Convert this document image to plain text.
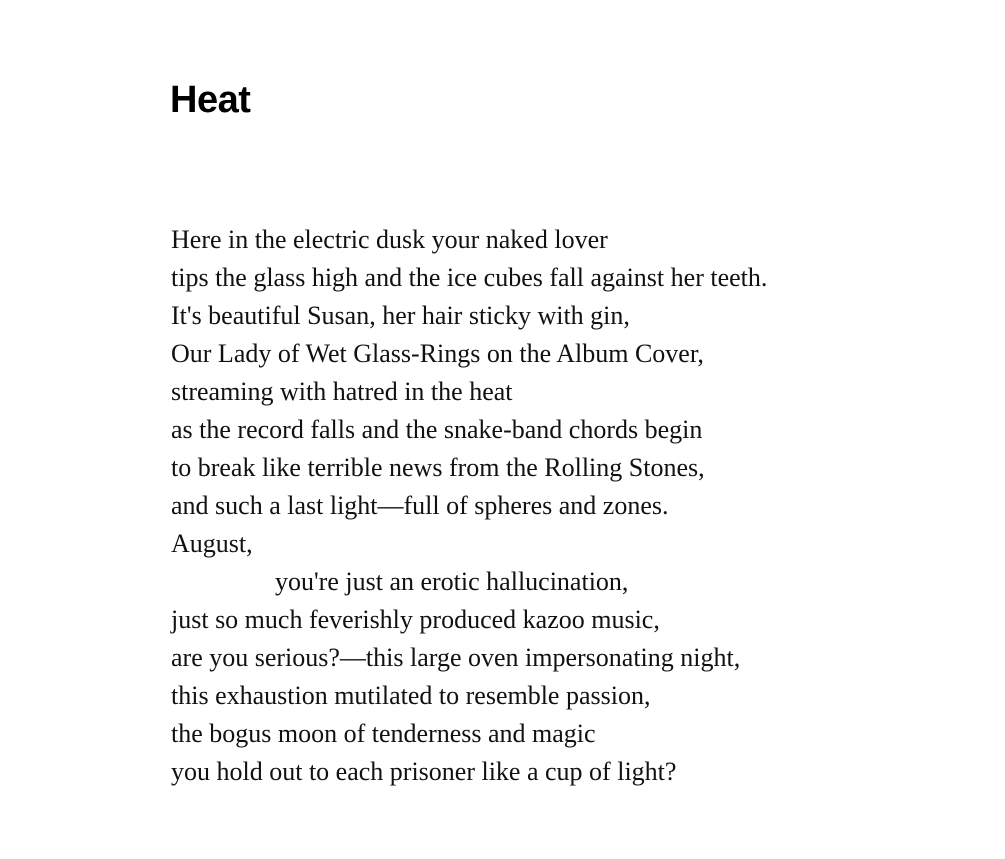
Heat
Here in the electric dusk your naked lover
tips the glass high and the ice cubes fall against her teeth.
It's beautiful Susan, her hair sticky with gin,
Our Lady of Wet Glass-Rings on the Album Cover,
streaming with hatred in the heat
as the record falls and the snake-band chords begin
to break like terrible news from the Rolling Stones,
and such a last light—full of spheres and zones.
August,
you're just an erotic hallucination,
just so much feverishly produced kazoo music,
are you serious?—this large oven impersonating night,
this exhaustion mutilated to resemble passion,
the bogus moon of tenderness and magic
you hold out to each prisoner like a cup of light?
